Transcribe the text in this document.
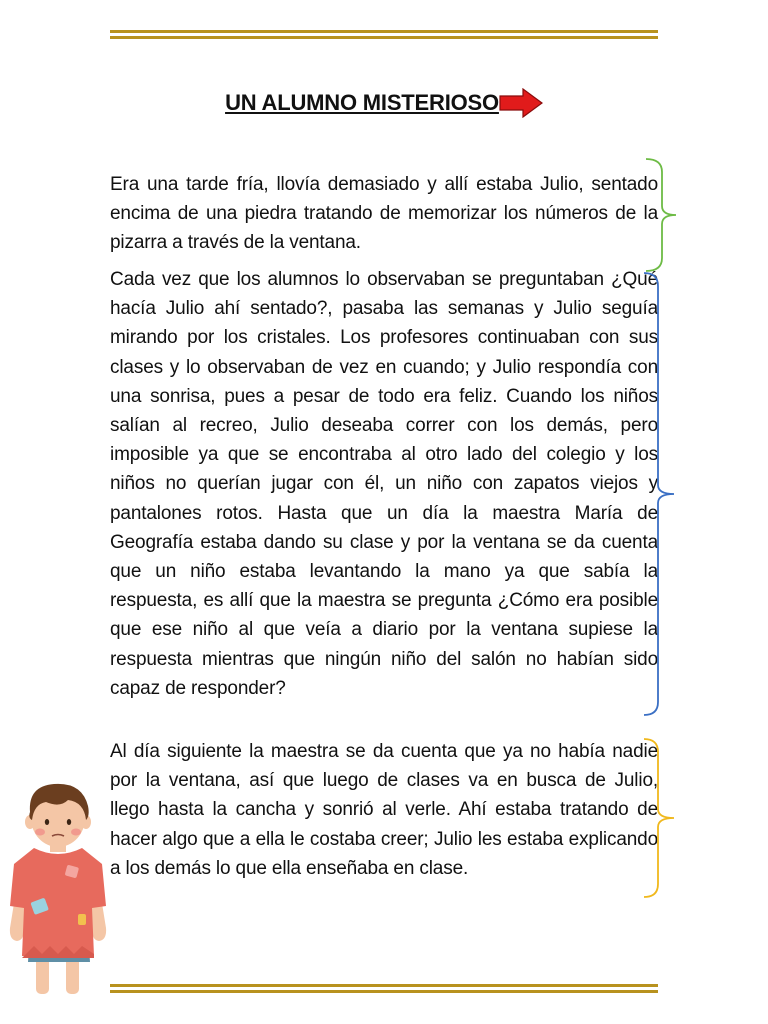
UN ALUMNO MISTERIOSO

Era una tarde fría, llovía demasiado y allí estaba Julio, sentado encima de una piedra tratando de memorizar los números de la pizarra a través de la ventana.

Cada vez que los alumnos lo observaban se preguntaban ¿Qué hacía Julio ahí sentado?, pasaba las semanas y Julio seguía mirando por los cristales. Los profesores continuaban con sus clases y lo observaban de vez en cuando; y Julio respondía con una sonrisa, pues a pesar de todo era feliz. Cuando los niños salían al recreo, Julio deseaba correr con los demás, pero imposible ya que se encontraba al otro lado del colegio y los niños no querían jugar con él, un niño con zapatos viejos y pantalones rotos. Hasta que un día la maestra María de Geografía estaba dando su clase y por la ventana se da cuenta que un niño estaba levantando la mano ya que sabía la respuesta, es allí que la maestra se pregunta ¿Cómo era posible que ese niño al que veía a diario por la ventana supiese la respuesta mientras que ningún niño del salón no habían sido capaz de responder?

Al día siguiente la maestra se da cuenta que ya no había nadie por la ventana, así que luego de clases va en busca de Julio, llego hasta la cancha y sonrió al verle. Ahí estaba tratando de hacer algo que a ella le costaba creer; Julio les estaba explicando a los demás lo que ella enseñaba en clase.
